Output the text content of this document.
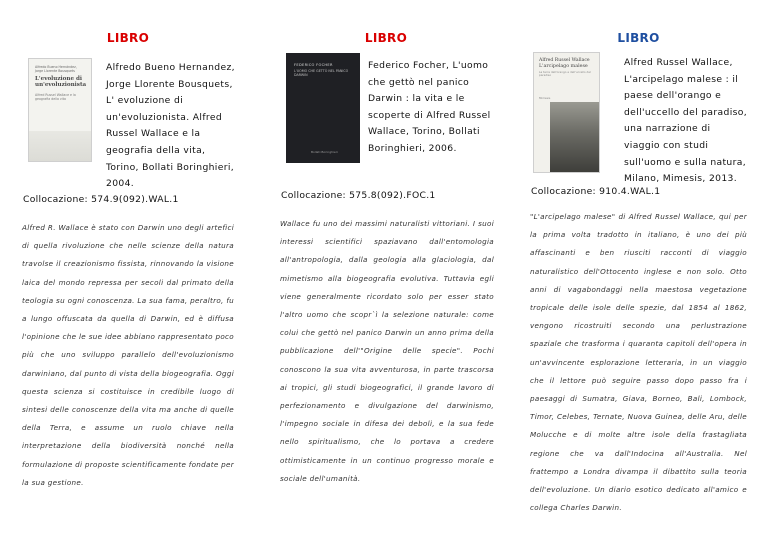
LIBRO
Alfredo Bueno Hernández, Jorge Llorente Bousquets
L'evoluzione di un'evoluzionista
Alfred Russel Wallace e la geografia della vita
Alfredo Bueno Hernandez, Jorge Llorente Bousquets, L' evoluzione di un'evoluzionista. Alfred Russel Wallace e la geografia della vita, Torino, Bollati Boringhieri, 2004.
Collocazione: 574.9(092).WAL.1
Alfred R. Wallace è stato con Darwin uno degli artefici di quella rivoluzione che nelle scienze della natura travolse il creazionismo fissista, rinnovando la visione laica del mondo repressa per secoli dal primato della teologia su ogni conoscenza. La sua fama, peraltro, fu a lungo offuscata da quella di Darwin, ed è diffusa l'opinione che le sue idee abbiano rappresentato poco più che uno sviluppo parallelo dell'evoluzionismo darwiniano, dal punto di vista della biogeografia. Oggi questa scienza si costituisce in credibile luogo di sintesi delle conoscenze della vita ma anche di quelle della Terra, e assume un ruolo chiave nella interpretazione della biodiversità nonché nella formulazione di proposte scientificamente fondate per la sua gestione.
LIBRO
FEDERICO FOCHER
L'UOMO CHE GETTÒ NEL PANICO DARWIN
Bollati Boringhieri
Federico Focher, L'uomo che gettò nel panico Darwin : la vita e le scoperte di Alfred Russel Wallace, Torino, Bollati Boringhieri, 2006.
Collocazione: 575.8(092).FOC.1
Wallace fu uno dei massimi naturalisti vittoriani. I suoi interessi scientifici spaziavano dall'entomologia all'antropologia, dalla geologia alla glaciologia, dal mimetismo alla biogeografia evolutiva. Tuttavia egli viene generalmente ricordato solo per esser stato l'altro uomo che scopr`ì la selezione naturale: come colui che gettò nel panico Darwin un anno prima della pubblicazione dell'"Origine delle specie". Pochi conoscono la sua vita avventurosa, in parte trascorsa ai tropici, gli studi biogeografici, il grande lavoro di perfezionamento e divulgazione del darwinismo, l'impegno sociale in difesa dei deboli, e la sua fede nello spiritualismo, che lo portava a credere ottimisticamente in un continuo progresso morale e sociale dell'umanità.
LIBRO
Alfred Russel Wallace
L'arcipelago malese
La terra dell'orango e dell'uccello del paradiso
Mimesis
Alfred Russel Wallace, L'arcipelago malese : il paese dell'orango e dell'uccello del paradiso, una narrazione di viaggio con studi sull'uomo e sulla natura, Milano, Mimesis, 2013.
Collocazione: 910.4.WAL.1
"L'arcipelago malese" di Alfred Russel Wallace, qui per la prima volta tradotto in italiano, è uno dei più affascinanti e ben riusciti racconti di viaggio naturalistico dell'Ottocento inglese e non solo. Otto anni di vagabondaggi nella maestosa vegetazione tropicale delle isole delle spezie, dal 1854 al 1862, vengono ricostruiti secondo una perlustrazione spaziale che trasforma i quaranta capitoli dell'opera in un'avvincente esplorazione letteraria, in un viaggio che il lettore può seguire passo dopo passo fra i paesaggi di Sumatra, Giava, Borneo, Bali, Lombock, Timor, Celebes, Ternate, Nuova Guinea, delle Aru, delle Molucche e di molte altre isole della frastagliata regione che va dall'Indocina all'Australia. Nel frattempo a Londra divampa il dibattito sulla teoria dell'evoluzione. Un diario esotico dedicato all'amico e collega Charles Darwin.
